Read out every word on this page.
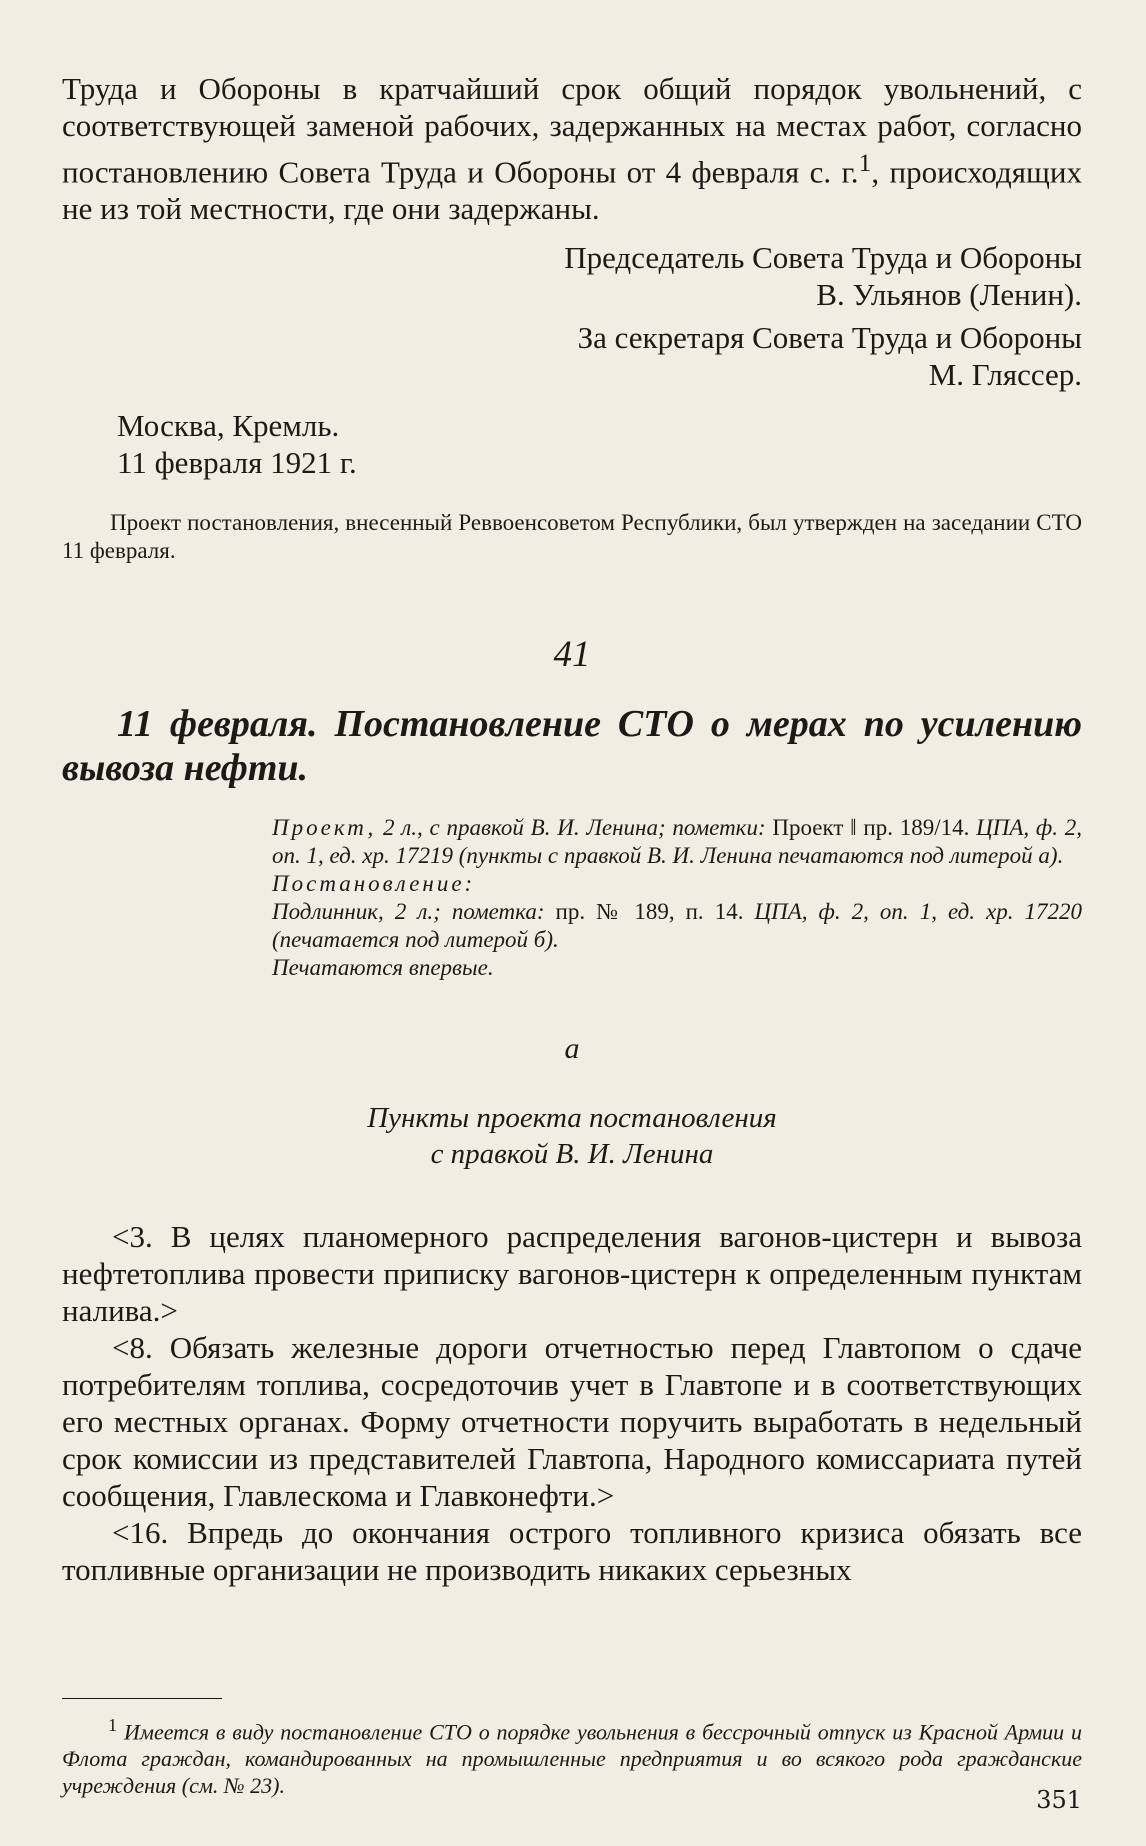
Труда и Обороны в кратчайший срок общий порядок увольнений, с соответствующей заменой рабочих, задержанных на местах работ, согласно постановлению Совета Труда и Обороны от 4 февраля с. г.$^1$, происходящих не из той местности, где они задержаны.

Председатель Совета Труда и Обороны

В. Ульянов (Ленин).

За секретаря Совета Труда и Обороны

М. Гляссер.

Москва, Кремль.
11 февраля 1921 г.

Проект постановления, внесенный Реввоенсоветом Республики, был утвержден на заседании СТО 11 февраля.

41

11 февраля. Постановление СТО о мерах по усилению вывоза нефти.

Проект, 2 л., с правкой В. И. Ленина; пометки: Проект ‖ пр. 189/14. ЦПА, ф. 2, оп. 1, ед. хр. 17219 (пункты с правкой В. И. Ленина печатаются под литерой а).

Постановление:

Подлинник, 2 л.; пометка: пр. № 189, п. 14. ЦПА, ф. 2, оп. 1, ед. хр. 17220 (печатается под литерой б).

Печатаются впервые.

а

Пункты проекта постановления
с правкой В. И. Ленина

<3. В целях планомерного распределения вагонов-цистерн и вывоза нефтетоплива провести приписку вагонов-цистерн к определенным пунктам налива.>

<8. Обязать железные дороги отчетностью перед Главтопом о сдаче потребителям топлива, сосредоточив учет в Главтопе и в соответствующих его местных органах. Форму отчетности поручить выработать в недельный срок комиссии из представителей Главтопа, Народного комиссариата путей сообщения, Главлескома и Главконефти.>

<16. Впредь до окончания острого топливного кризиса обязать все топливные организации не производить никаких серьезных

$^1$ Имеется в виду постановление СТО о порядке увольнения в бессрочный отпуск из Красной Армии и Флота граждан, командированных на промышленные предприятия и во всякого рода гражданские учреждения (см. № 23).

351
